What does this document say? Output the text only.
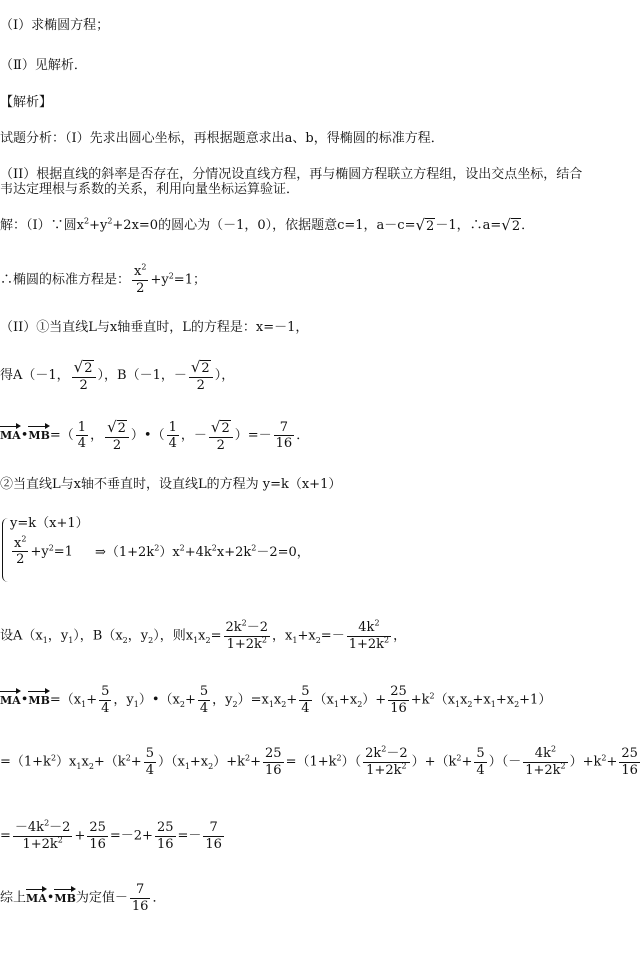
（Ⅰ）求椭圆方程；
（Ⅱ）见解析．
【解析】
试题分析：（I）先求出圆心坐标，再根据题意求出a、b，得椭圆的标准方程．
（II）根据直线的斜率是否存在，分情况设直线方程，再与椭圆方程联立方程组，设出交点坐标，结合
韦达定理根与系数的关系，利用向量坐标运算验证．
解：（I）∵圆$x^2+y^2+2x=0$的圆心为（－1，0），依据题意c=1，a－c=√2－1，∴a=√2．
∴椭圆的标准方程是： $\frac{x^2}{2} +y^2=1$；
（II）①当直线L与x轴垂直时，L的方程是：x=－1，
得A（－1， $\frac{√2}{2}$ ），B（－1，－ $\frac{√2}{2}$ ），
MA•MB=（ $\frac{1}{4}$ ， $\frac{√2}{2}$ ）•（ $\frac{1}{4}$ ，－ $\frac{√2}{2}$ ）=－ $\frac{7}{16}$ ．
②当直线L与x轴不垂直时，设直线L的方程为 y=k（x+1）
y=k（x+1）
$\frac{x^2}{2} +y^2=1$	$\Rightarrow(1+2k^2)x^2+4k^2x+2k^2-2=0$，
设$A(x_1$，$y_1$），$B(x_2$，$y_2$），则$x_1x_2= \frac{2k^2-2}{1+2k^2}$ ，$x_1+x_2=- \frac{4k^2}{1+2k^2}$ ，
$MA•MB=(x_1+ \frac{5}{4}$ ，$y_1)•(x_2+ \frac{5}{4}$ ，$y_2)=x_1x_2+ \frac{5}{4} (x_1+x_2)+ \frac{25}{16} +k^2(x_1x_2+x_1+x_2+1)$
$=(1+k^2)x_1x_2+(k^2+ \frac{5}{4} )(x_1+x_2)+k^2+ \frac{25}{16} =(1+k^2)( \frac{2k^2-2}{1+2k^2} )+(k^2+ \frac{5}{4}$ ）（－ $\frac{4k^2}{1+2k^2} )+k^2+ \frac{25}{16}$
= $\frac{-4k^2-2}{1+2k^2} + \frac{25}{16} =-2+ \frac{25}{16} =- \frac{7}{16}$
综上MA•MB为定值－ $\frac{7}{16}$ ．
